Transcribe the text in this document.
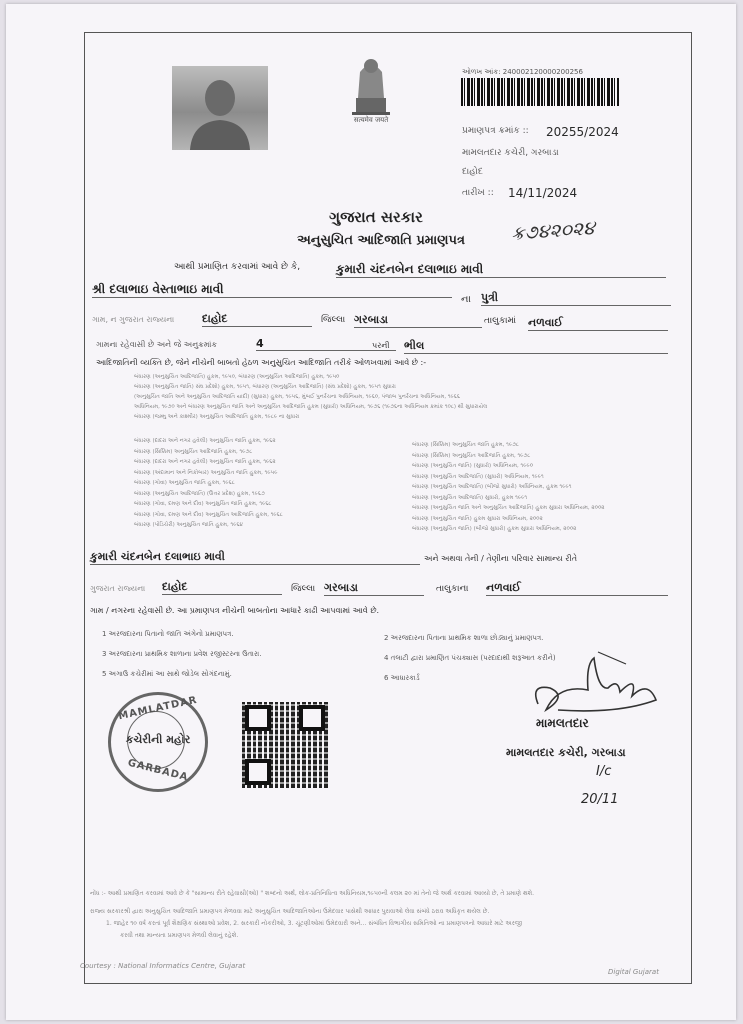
सत्यमेव जयते
ઓળખ આંક: 240002120000200256
પ્રમાણપત્ર ક્રમાંક :: 20255/2024
મામલતદાર કચેરી, ગરબાડા
દાહોદ
તારીખ :: 14/11/2024
ગુજરાત સરકાર
અનુસુચિત આદિજાતિ પ્રમાણપત્ર	ક્ર૭૪૨૦૨૪
આથી પ્રમાણિત કરવામાં આવે છે કે,	કુમારી ચંદનબેન દલાભાઇ માવી
શ્રી દલાભાઇ વેસ્તાભાઇ માવી
ના પુત્રી
ગામ, ન ગુજરાત રાજ્યના	દાહોદ	જિલ્લા ગરબાડા	તાલુકામાં નળવાઈ
ગામના રહેવાસી છે અને જે અનુક્રમાંક	4	પરની ભીલ
આદિજાતિની વ્યક્તિ છે, જેને નીચેની બાબતો હેઠળ અનુસુચિત આદિજાતિ તરીકે ઓળખવામાં આવે છે :-
બંધારણ (અનુસુચિત આદિજાતિ) હુકમ, ૧૯૫૦, બંધારણ (અનુસુચિત આદિજાતિ) હુકમ, ૧૯૫૦
બંધારણ (અનુસુચિત જાતિ) સંઘ પ્રદેશો) હુકમ, ૧૯૫૧, બંધારણ (અનુસુચિત આદિજાતિ) (સંઘ પ્રદેશો) હુકમ, ૧૯૫૧ સુધારા
(અનુસુચિત જાતિ અને અનુસુચિત આદિજાતિ યાદી) (સુધારા) હુકમ, ૧૯૫૬, મુંબઈ પુનર્રચના અધિનિયમ, ૧૯૬૦, પંજાબ પુનર્રચના અધિનિયમ, ૧૯૬૬
અધિનિયમ, ૧૯૭૦ અને બંધારણ અનુસુચિત જાતિ અને અનુસુચિત આદિજાતિ હુકમ (સુધારો) અધિનિયમ, ૧૯૭૬ (૧૯૭૬ના અધિનિયમ ક્રમાંક ૧૦૮) થી સુધારાયેલ
બંધારણ (જમ્મુ અને કાશ્મીર) અનુસુચિત આદિજાતિ હુકમ, ૧૯૮૯ ના સુધારા
બંધારણ (દાદરા અને નગર હવેલી) અનુસુચિત જાતિ હુકમ, ૧૯૬૨
બંધારણ (સિક્કિમ) અનુસુચિત આદિજાતિ હુકમ, ૧૯૭૮
બંધારણ (દાદરા અને નગર હવેલી) અનુસુચિત જાતિ હુકમ, ૧૯૬૨
બંધારણ (અંદામાન અને નિકોબાર) અનુસુચિત જાતિ હુકમ, ૧૯૫૯
બંધારણ (ગોવા) અનુસુચિત જાતિ હુકમ, ૧૯૬૮
બંધારણ (અનુસુચિત આદિજાતિ) (ઉત્તર પ્રદેશ) હુકમ, ૧૯૬૭
બંધારણ (ગોવા, દમણ અને દીવ) અનુસુચિત જાતિ હુકમ, ૧૯૬૮
બંધારણ (ગોવા, દમણ અને દીવ) અનુસુચિત આદિજાતિ હુકમ, ૧૯૬૮
બંધારણ (પોંડિચેરી) અનુસુચિત જાતિ હુકમ, ૧૯૬૪
બંધારણ (સિક્કિમ) અનુસુચિત જાતિ હુકમ, ૧૯૭૮
બંધારણ (સિક્કિમ) અનુસુચિત આદિજાતિ હુકમ, ૧૯૭૮
બંધારણ (અનુસુચિત જાતિ) (સુધારો) અધિનિયમ, ૧૯૯૦
બંધારણ (અનુસુચિત આદિજાતિ) (સુધારો) અધિનિયમ, ૧૯૯૧
બંધારણ (અનુસુચિત આદિજાતિ) (બીજો સુધારો) અધિનિયમ, હુકમ ૧૯૯૧
બંધારણ (અનુસુચિત આદિજાતિ) સુધારો, હુકમ ૧૯૯૧
બંધારણ (અનુસુચિત જાતિ અને અનુસુચિત આદિજાતિ) હુકમ સુધારા અધિનિયમ, ૨૦૦૨
બંધારણ (અનુસુચિત જાતિ) હુકમ સુધારા અધિનિયમ, ૨૦૦૨
બંધારણ (અનુસુચિત જાતિ) (બીજો સુધારો) હુકમ સુધારા અધિનિયમ, ૨૦૦૨
કુમારી ચંદનબેન દલાભાઇ માવી	અને અથવા તેની / તેણીના પરિવાર સામાન્ય રીતે
ગુજરાત રાજ્યના દાહોદ	જિલ્લા ગરબાડા	તાલુકાના નળવાઈ
ગામ / નગરના રહેવાસી છે. આ પ્રમાણપત્ર નીચેની બાબતોના આધારે કાઢી આપવામાં આવે છે.
1 અરજદારના પિતાનો જાતિ અંગેનો પ્રમાણપત્ર.	2 અરજદારના પિતાના પ્રાથમિક શાળા છોડ્યાનું પ્રમાણપત્ર.
3 અરજદારના પ્રાથમિક શાળાના પ્રવેશ રજીસ્ટરના ઉતારા.	4 તલાટી દ્વારા પ્રમાણિત પંચક્યાસ (પરદાદાથી શરૂઆત કરીને)
5 અગાઉ કચેરીમાં આ સાથે જોડેલ સોગંદનામું.	6 આધારકાર્ડ
MAMLATDAR
કચેરીની મહોર
GARBADA
મામલતદાર
મામલતદાર કચેરી, ગરબાડા
I/c
20/11
નોંધ :- આથી પ્રમાણિત કરવામાં આવે છે કે "સામાન્ય રીતે રહેવાસી(ઓ) " શબ્દનો અર્થ, લોક-પ્રતિનિધિત્વ અધિનિયમ,૧૯૫૦ની કલમ ૨૦ માં તેનો જે અર્થ કરવામાં આવ્યો છે, તે પ્રમાણે થશે.
રાજ્ય સરકારશ્રી દ્વારા અનુસુચિત આદિજાતિ પ્રમાણપત્ર મેળવવા માટે અનુસુચિત આદિજાતિઓના ઉમેદવાર પાસેથી આધાર પુરાવાઓ લેવા સંબંધે ઠરાવ અધિકૃત થયેલ છે.
1. જાહેર ૧૦ વર્ષ કરતાં પૂર્વ શૈક્ષણિક સંસ્થાઓ પ્રવેશ, 2. સરકારી નોકરીઓ, 3. ચૂંટણીઓમાં ઉમેદવારી અને... સંબંધિત વિભાગીય સમિતિઓ ના પ્રમાણપત્રનો આધારે માટે અરજી
કરવી તથા માન્યતા પ્રમાણપત્ર મેળવી લેવાનું રહેશે.
Courtesy : National Informatics Centre, Gujarat
Digital Gujarat
